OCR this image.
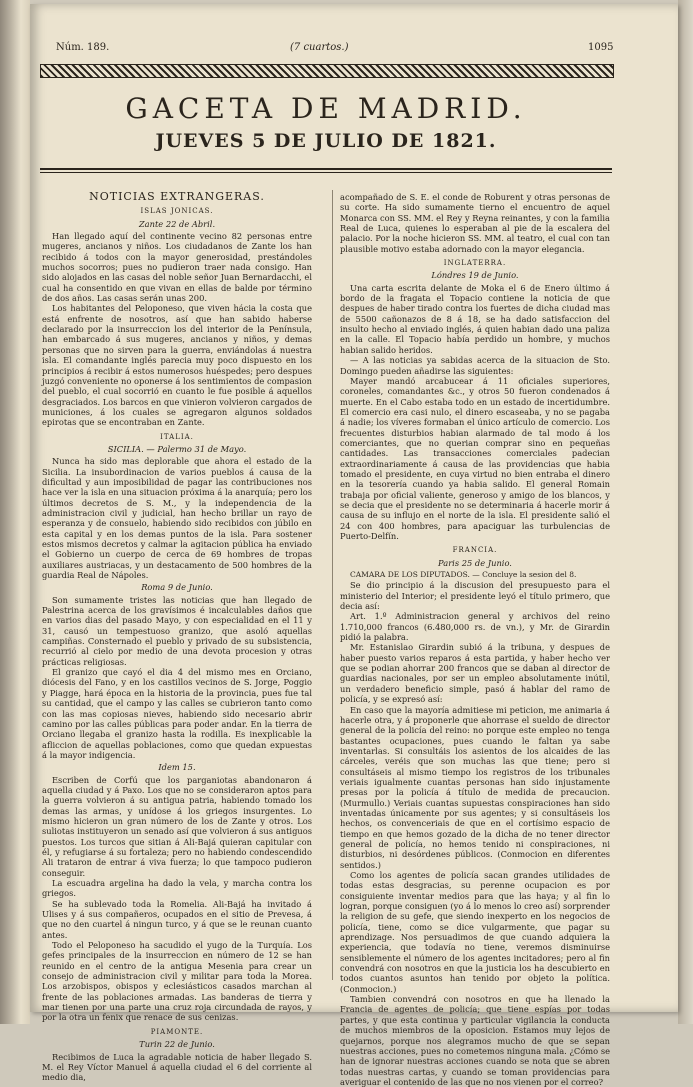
Núm. 189.	(7 cuartos.)	1095
GACETA DE MADRID.
JUEVES 5 DE JULIO DE 1821.
NOTICIAS EXTRANGERAS.
ISLAS JONICAS.
Zante 22 de Abril.

Han llegado aquí del continente vecino 82 personas entre mugeres, ancianos y niños. Los ciudadanos de Zante los han recibido á todos con la mayor generosidad, prestándoles muchos socorros; pues no pudieron traer nada consigo. Han sido alojados en las casas del noble señor Juan Bernardacchi, el cual ha consentido en que vivan en ellas de balde por término de dos años. Las casas serán unas 200.

Los habitantes del Peloponeso, que viven hácia la costa que está enfrente de nosotros, así que han sabido haberse declarado por la insurreccion los del interior de la Península, han embarcado á sus mugeres, ancianos y niños, y demas personas que no sirven para la guerra, enviándolas á nuestra isla. El comandante inglés parecia muy poco dispuesto en los principios á recibir á estos numerosos huéspedes; pero despues juzgó conveniente no oponerse á los sentimientos de compasion del pueblo, el cual socorrió en cuanto le fue posible á aquellos desgraciados. Los barcos en que vinieron volvieron cargados de municiones, á los cuales se agregaron algunos soldados epirotas que se encontraban en Zante.

ITALIA.
SICILIA. — Palermo 31 de Mayo.

Nunca ha sido mas deplorable que ahora el estado de la Sicilia. La insubordinacion de varios pueblos á causa de la dificultad y aun imposibilidad de pagar las contribuciones nos hace ver la isla en una situacion próxima á la anarquía; pero los últimos decretos de S. M., y la independencia de la administracion civil y judicial, han hecho brillar un rayo de esperanza y de consuelo, habiendo sido recibidos con júbilo en esta capital y en los demas puntos de la isla. Para sostener estos mismos decretos y calmar la agitacion pública ha enviado el Gobierno un cuerpo de cerca de 69 hombres de tropas auxiliares austriacas, y un destacamento de 500 hombres de la guardia Real de Nápoles.

Roma 9 de Junio.

Son sumamente tristes las noticias que han llegado de Palestrina acerca de los gravísimos é incalculables daños que en varios dias del pasado Mayo, y con especialidad en el 11 y 31, causó un tempestuoso granizo, que asoló aquellas campiñas. Consternado el pueblo y privado de su subsistencia, recurrió al cielo por medio de una devota procesion y otras prácticas religiosas.

El granizo que cayó el dia 4 del mismo mes en Orciano, diócesis del Fano, y en los castillos vecinos de S. Jorge, Poggio y Piagge, hará época en la historia de la provincia, pues fue tal su cantidad, que el campo y las calles se cubrieron tanto como con las mas copiosas nieves, habiendo sido necesario abrir camino por las calles públicas para poder andar. En la tierra de Orciano llegaba el granizo hasta la rodilla. Es inexplicable la afliccion de aquellas poblaciones, como que quedan expuestas á la mayor indigencia.

Idem 15.

Escriben de Corfú que los parganiotas abandonaron á aquella ciudad y á Paxo. Los que no se consideraron aptos para la guerra volvieron á su antigua patria, habiendo tomado los demas las armas, y unídose á los griegos insurgentes. Lo mismo hicieron un gran número de los de Zante y otros. Los suliotas instituyeron un senado así que volvieron á sus antiguos puestos. Los turcos que sitian á Ali-Bajá quieran capitular con él, y refugiarse á su fortaleza; pero no habiendo condescendido Ali trataron de entrar á viva fuerza; lo que tampoco pudieron conseguir.

La escuadra argelina ha dado la vela, y marcha contra los griegos.

Se ha sublevado toda la Romelia. Ali-Bajá ha invitado á Ulises y á sus compañeros, ocupados en el sitio de Prevesa, á que no den cuartel á ningun turco, y á que se le reunan cuanto antes.

Todo el Peloponeso ha sacudido el yugo de la Turquía. Los gefes principales de la insurreccion en número de 12 se han reunido en el centro de la antigua Mesenia para crear un consejo de administracion civil y militar para toda la Morea. Los arzobispos, obispos y eclesiásticos casados marchan al frente de las poblaciones armadas. Las banderas de tierra y mar tienen por una parte una cruz roja circundada de rayos, y por la otra un fenix que renace de sus cenizas.

PIAMONTE.
Turin 22 de Junio.

Recibimos de Luca la agradable noticia de haber llegado S. M. el Rey Víctor Manuel á aquella ciudad el 6 del corriente al medio dia,

acompañado de S. E. el conde de Roburent y otras personas de su corte. Ha sido sumamente tierno el encuentro de aquel Monarca con SS. MM. el Rey y Reyna reinantes, y con la familia Real de Luca, quienes lo esperaban al pie de la escalera del palacio. Por la noche hicieron SS. MM. al teatro, el cual con tan plausible motivo estaba adornado con la mayor elegancia.

INGLATERRA.
Lóndres 19 de Junio.

Una carta escrita delante de Moka el 6 de Enero último á bordo de la fragata el Topacio contiene la noticia de que despues de haber tirado contra los fuertes de dicha ciudad mas de 5500 cañonazos de 8 á 18, se ha dado satisfaccion del insulto hecho al enviado inglés, á quien habian dado una paliza en la calle. El Topacio había perdido un hombre, y muchos habian salido heridos.

— A las noticias ya sabidas acerca de la situacion de Sto. Domingo pueden añadirse las siguientes:

Mayer mandó arcabucear á 11 oficiales superiores, coroneles, comandantes &c., y otros 50 fueron condenados á muerte. En el Cabo estaba todo en un estado de incertidumbre. El comercio era casi nulo, el dinero escaseaba, y no se pagaba á nadie; los víveres formaban el único artículo de comercio. Los frecuentes disturbios habian alarmado de tal modo á los comerciantes, que no querian comprar sino en pequeñas cantidades. Las transacciones comerciales padecian extraordinariamente á causa de las providencias que habia tomado el presidente, en cuya virtud no bien entraba el dinero en la tesorería cuando ya habia salido. El general Romain trabaja por oficial valiente, generoso y amigo de los blancos, y se decia que el presidente no se determinaria á hacerle morir á causa de su influjo en el norte de la isla. El presidente salió el 24 con 400 hombres, para apaciguar las turbulencias de Puerto-Delfín.

FRANCIA.
Paris 25 de Junio.

CAMARA DE LOS DIPUTADOS. — Concluye la sesion del 8.

Se dio principio á la discusion del presupuesto para el ministerio del Interior; el presidente leyó el título primero, que decia así:

Art. 1.º Administracion general y archivos del reino 1.710,000 francos (6.480,000 rs. de vn.), y Mr. de Girardin pidió la palabra.

Mr. Estanislao Girardin subió á la tribuna, y despues de haber puesto varios reparos á esta partida, y haber hecho ver que se podian ahorrar 200 francos que se daban al director de guardias nacionales, por ser un empleo absolutamente inútil, un verdadero beneficio simple, pasó á hablar del ramo de policía, y se expresó así:

En caso que la mayoría admitiese mi peticion, me animaria á hacerle otra, y á proponerle que ahorrase el sueldo de director general de la policía del reino: no porque este empleo no tenga bastantes ocupaciones, pues cuando le faltan ya sabe inventarlas. Si consultáis los asientos de los alcaides de las cárceles, veréis que son muchas las que tiene; pero si consultáseis al mismo tiempo los registros de los tribunales veriais igualmente cuantas personas han sido injustamente presas por la policía á título de medida de precaucion. (Murmullo.) Veriais cuantas supuestas conspiraciones han sido inventadas únicamente por sus agentes; y si consultáseis los hechos, os convenceriais de que en el cortísimo espacio de tiempo en que hemos gozado de la dicha de no tener director general de policía, no hemos tenido ni conspiraciones, ni disturbios, ni desórdenes públicos. (Conmocion en diferentes sentidos.)

Como los agentes de policía sacan grandes utilidades de todas estas desgracias, su perenne ocupacion es por consiguiente inventar medios para que las haya; y al fin lo logran, porque consiguen (yo á lo menos lo creo así) sorprender la religion de su gefe, que siendo inexperto en los negocios de policía, tiene, como se dice vulgarmente, que pagar su aprendizage. Nos persuadimos de que cuando adquiera la experiencia, que todavía no tiene, veremos disminuirse sensiblemente el número de los agentes incitadores; pero al fin convendrá con nosotros en que la justicia los ha descubierto en todos cuantos asuntos han tenido por objeto la política. (Conmocion.)

Tambien convendrá con nosotros en que ha llenado la Francia de agentes de policía; que tiene espías por todas partes, y que esta continua y particular vigilancia la conducta de muchos miembros de la oposicion. Estamos muy lejos de quejarnos, porque nos alegramos mucho de que se sepan nuestras acciones, pues no cometemos ninguna mala. ¿Cómo se han de ignorar nuestras acciones cuando se nota que se abren todas nuestras cartas, y cuando se toman providencias para averiguar el contenido de las que no nos vienen por el correo?
